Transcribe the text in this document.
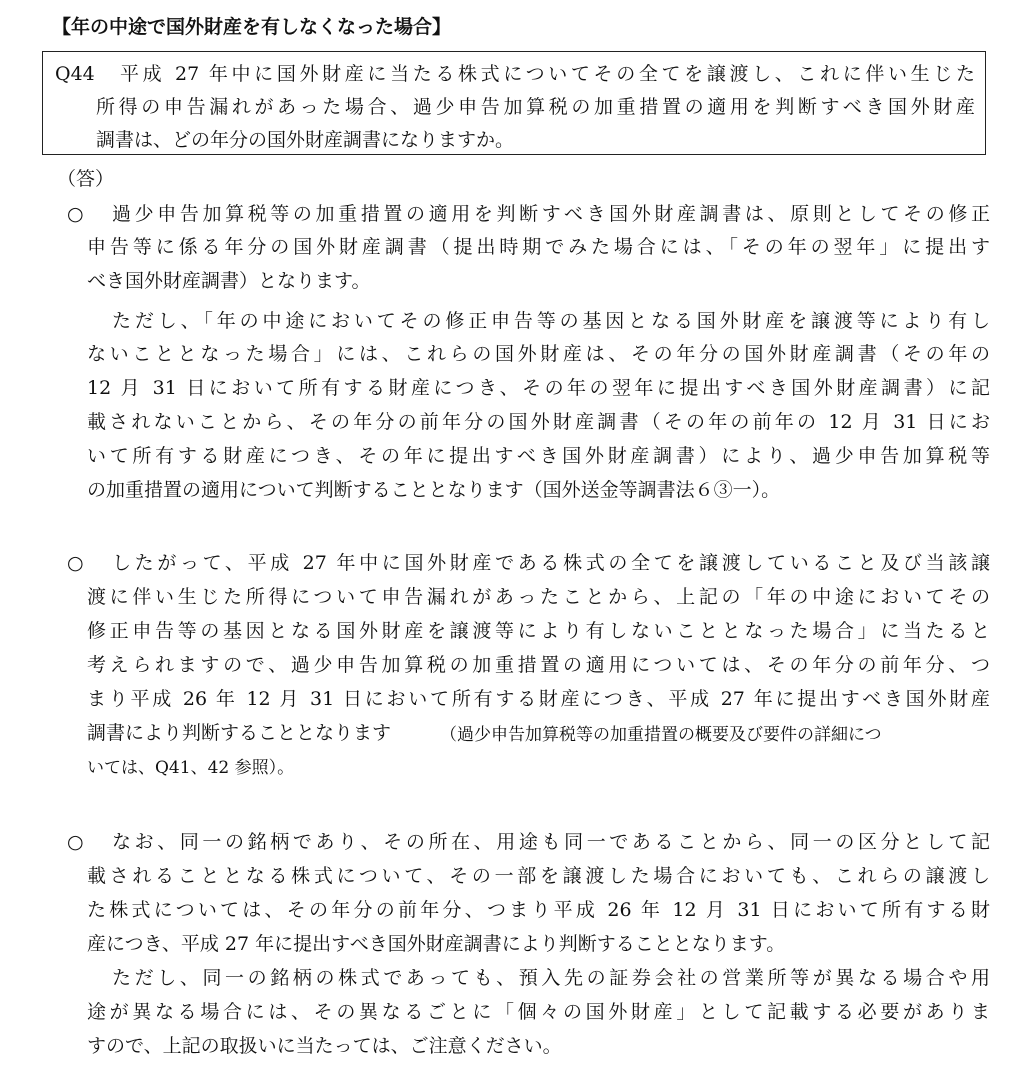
【年の中途で国外財産を有しなくなった場合】
Q44 平成 27 年中に国外財産に当たる株式についてその全てを譲渡し、これに伴い生じた
所得の申告漏れがあった場合、過少申告加算税の加重措置の適用を判断すべき国外財産
調書は、どの年分の国外財産調書になりますか。
（答）
○ 過少申告加算税等の加重措置の適用を判断すべき国外財産調書は、原則としてその修正
申告等に係る年分の国外財産調書（提出時期でみた場合には、「その年の翌年」に提出す
べき国外財産調書）となります。
ただし、「年の中途においてその修正申告等の基因となる国外財産を譲渡等により有し
ないこととなった場合」には、これらの国外財産は、その年分の国外財産調書（その年の
12 月 31 日において所有する財産につき、その年の翌年に提出すべき国外財産調書）に記
載されないことから、その年分の前年分の国外財産調書（その年の前年の 12 月 31 日にお
いて所有する財産につき、その年に提出すべき国外財産調書）により、過少申告加算税等
の加重措置の適用について判断することとなります（国外送金等調書法６③一）。
○ したがって、平成 27 年中に国外財産である株式の全てを譲渡していること及び当該譲
渡に伴い生じた所得について申告漏れがあったことから、上記の「年の中途においてその
修正申告等の基因となる国外財産を譲渡等により有しないこととなった場合」に当たると
考えられますので、過少申告加算税の加重措置の適用については、その年分の前年分、つ
まり平成 26 年 12 月 31 日において所有する財産につき、平成 27 年に提出すべき国外財産
調書により判断することとなります	（過少申告加算税等の加重措置の概要及び要件の詳細につ
いては、Q41、42 参照）。
○ なお、同一の銘柄であり、その所在、用途も同一であることから、同一の区分として記
載されることとなる株式について、その一部を譲渡した場合においても、これらの譲渡し
た株式については、その年分の前年分、つまり平成 26 年 12 月 31 日において所有する財
産につき、平成 27 年に提出すべき国外財産調書により判断することとなります。
ただし、同一の銘柄の株式であっても、預入先の証券会社の営業所等が異なる場合や用
途が異なる場合には、その異なるごとに「個々の国外財産」として記載する必要がありま
すので、上記の取扱いに当たっては、ご注意ください。
